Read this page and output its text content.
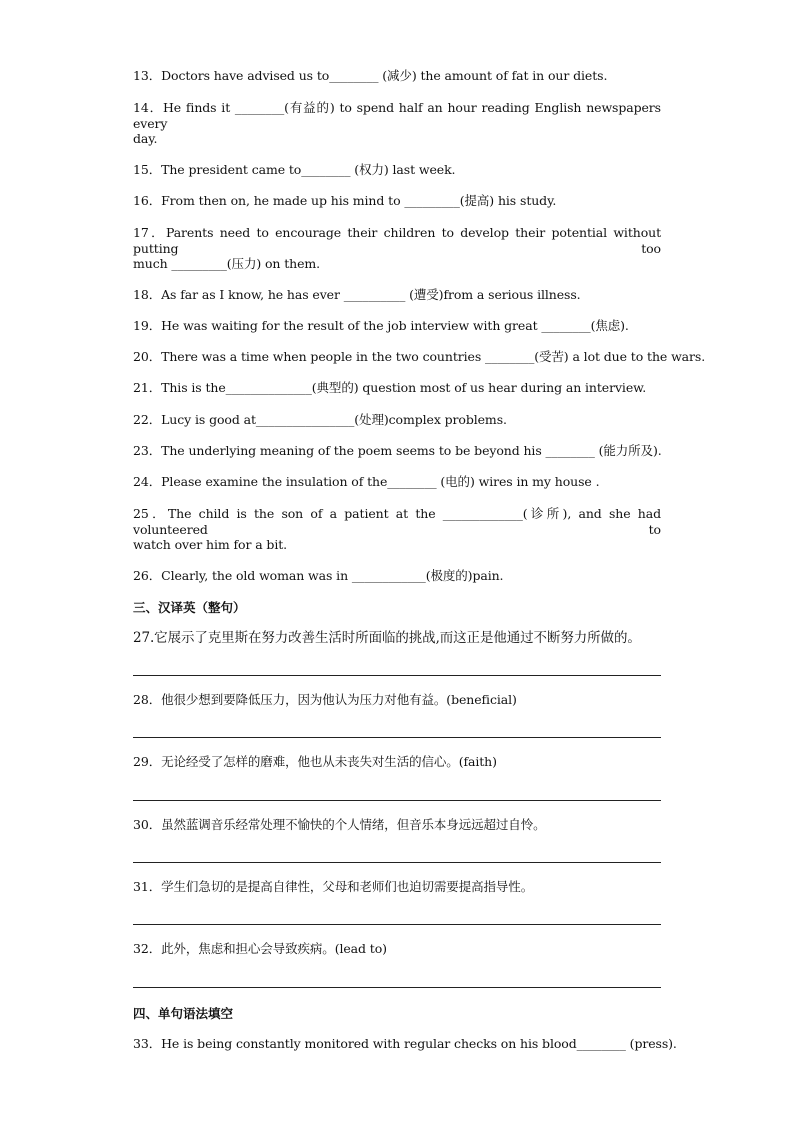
13．Doctors have advised us to________ (减少) the amount of fat in our diets.
14．He finds it ________(有益的) to spend half an hour reading English newspapers every
day.
15．The president came to________ (权力) last week.
16．From then on, he made up his mind to _________(提高) his study.
17．Parents need to encourage their children to develop their potential without putting too
much _________(压力) on them.
18．As far as I know, he has ever __________ (遭受)from a serious illness.
19．He was waiting for the result of the job interview with great ________(焦虑).
20．There was a time when people in the two countries ________(受苦) a lot due to the wars.
21．This is the______________(典型的) question most of us hear during an interview.
22．Lucy is good at________________(处理)complex problems.
23．The underlying meaning of the poem seems to be beyond his ________ (能力所及).
24．Please examine the insulation of the________ (电的) wires in my house .
25．The child is the son of a patient at the _____________(诊所), and she had volunteered to
watch over him for a bit.
26．Clearly, the old woman was in ____________(极度的)pain.
三、汉译英（整句）
27.它展示了克里斯在努力改善生活时所面临的挑战,而这正是他通过不断努力所做的。
28．他很少想到要降低压力，因为他认为压力对他有益。(beneficial)
29．无论经受了怎样的磨难，他也从未丧失对生活的信心。(faith)
30．虽然蓝调音乐经常处理不愉快的个人情绪，但音乐本身远远超过自怜。
31．学生们急切的是提高自律性，父母和老师们也迫切需要提高指导性。
32．此外，焦虑和担心会导致疾病。(lead to)
四、单句语法填空
33．He is being constantly monitored with regular checks on his blood________ (press).
